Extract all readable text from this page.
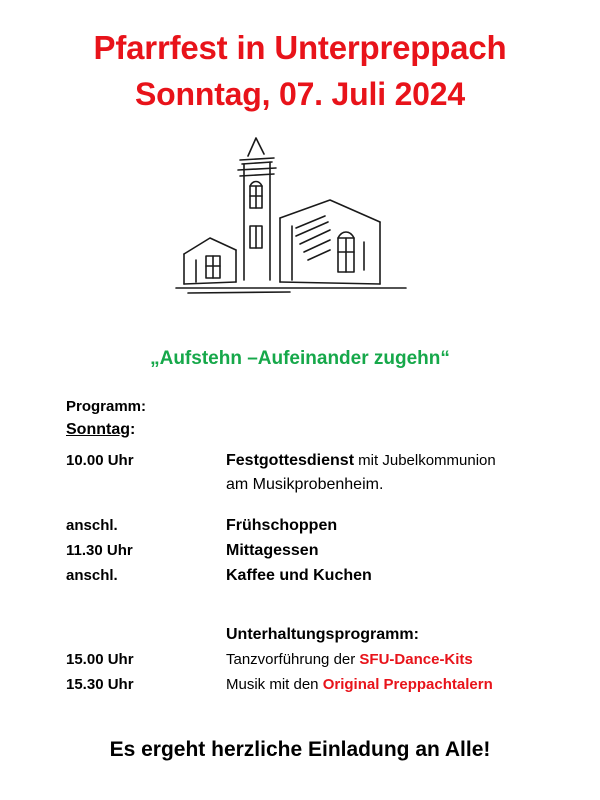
Pfarrfest in Unterpreppach
Sonntag, 07. Juli 2024
„Aufstehn –Aufeinander zugehn“
Programm:
Sonntag:
10.00 Uhr	Festgottesdienst mit Jubelkommunion
am Musikprobenheim.
anschl.	Frühschoppen
11.30 Uhr	Mittagessen
anschl.	Kaffee und Kuchen
Unterhaltungsprogramm:
15.00 Uhr	Tanzvorführung der SFU-Dance-Kits
15.30 Uhr	Musik mit den Original Preppachtalern
Es ergeht herzliche Einladung an Alle!
